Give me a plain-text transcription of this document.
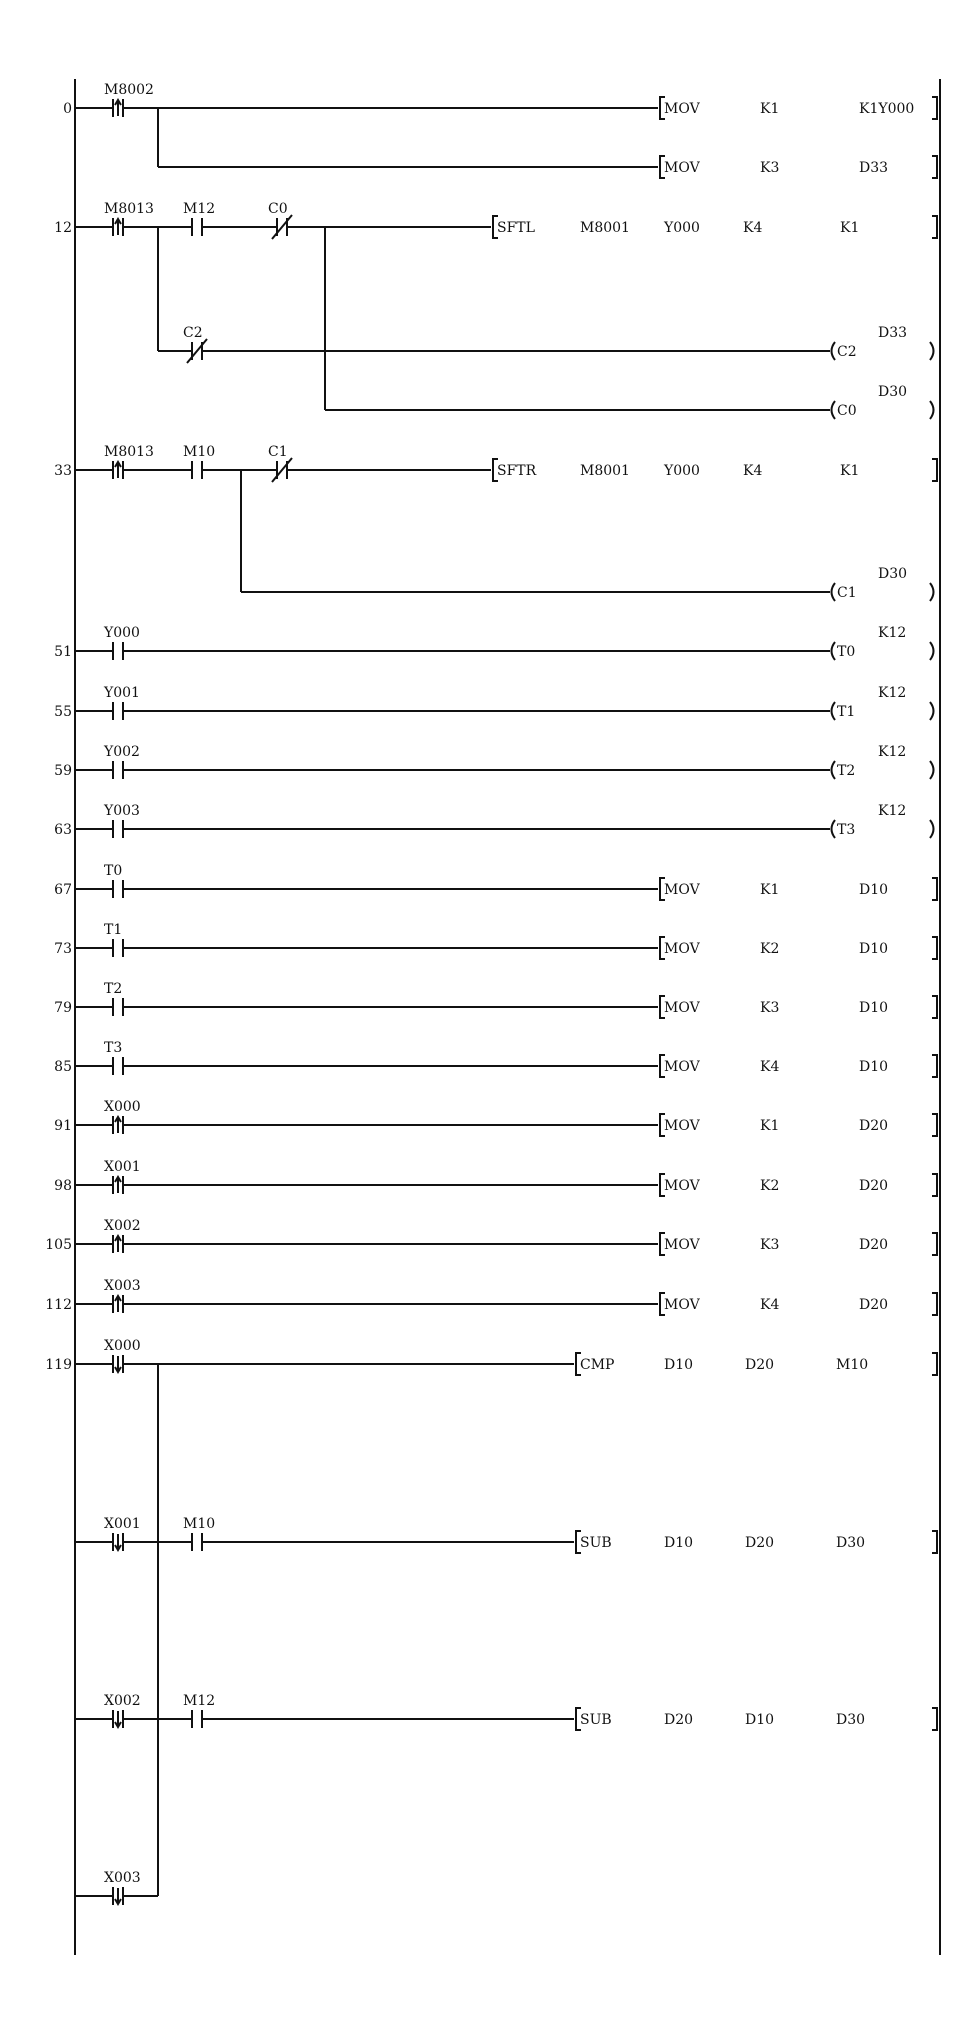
0
M8002
MOV	K1	K1Y000
MOV	K3	D33
12
M8013 M12	C0
SFTL	M8001 Y000	K4	K1
C2
C2
D33
C0
D30
33
M8013 M10	C1
SFTR	M8001 Y000	K4	K1
C1
D30
51
Y000
T0
K12
55
Y001
T1
K12
59
Y002
T2
K12
63
Y003
T3
K12
67
T0
MOV	K1	D10
73
T1
MOV	K2	D10
79
T2
MOV	K3	D10
85
T3
MOV	K4	D10
91
X000
MOV	K1	D20
98
X001
MOV	K2	D20
105
X002
MOV	K3	D20
112
X003
MOV	K4	D20
119
X000
CMP	D10	D20	M10
X001	M10
SUB	D10	D20	D30
X002	M12
SUB	D20	D10	D30
X003
